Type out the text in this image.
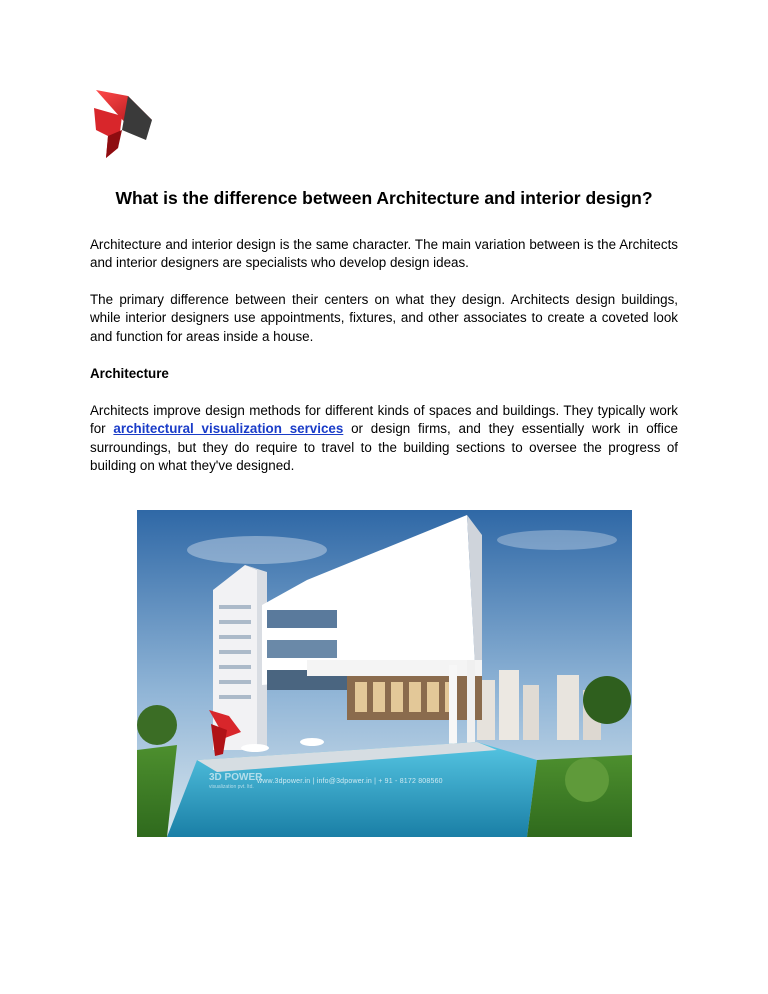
What is the difference between Architecture and interior design?

Architecture and interior design is the same character. The main variation between is the Architects and interior designers are specialists who develop design ideas.

The primary difference between their centers on what they design. Architects design buildings, while interior designers use appointments, fixtures, and other associates to create a coveted look and function for areas inside a house.

Architecture

Architects improve design methods for different kinds of spaces and buildings. They typically work for architectural visualization services or design firms, and they essentially work in office surroundings, but they do require to travel to the building sections to oversee the progress of building on what they've designed.

3D POWER
visualization pvt. ltd.
www.3dpower.in | info@3dpower.in | + 91 - 8172 808560
